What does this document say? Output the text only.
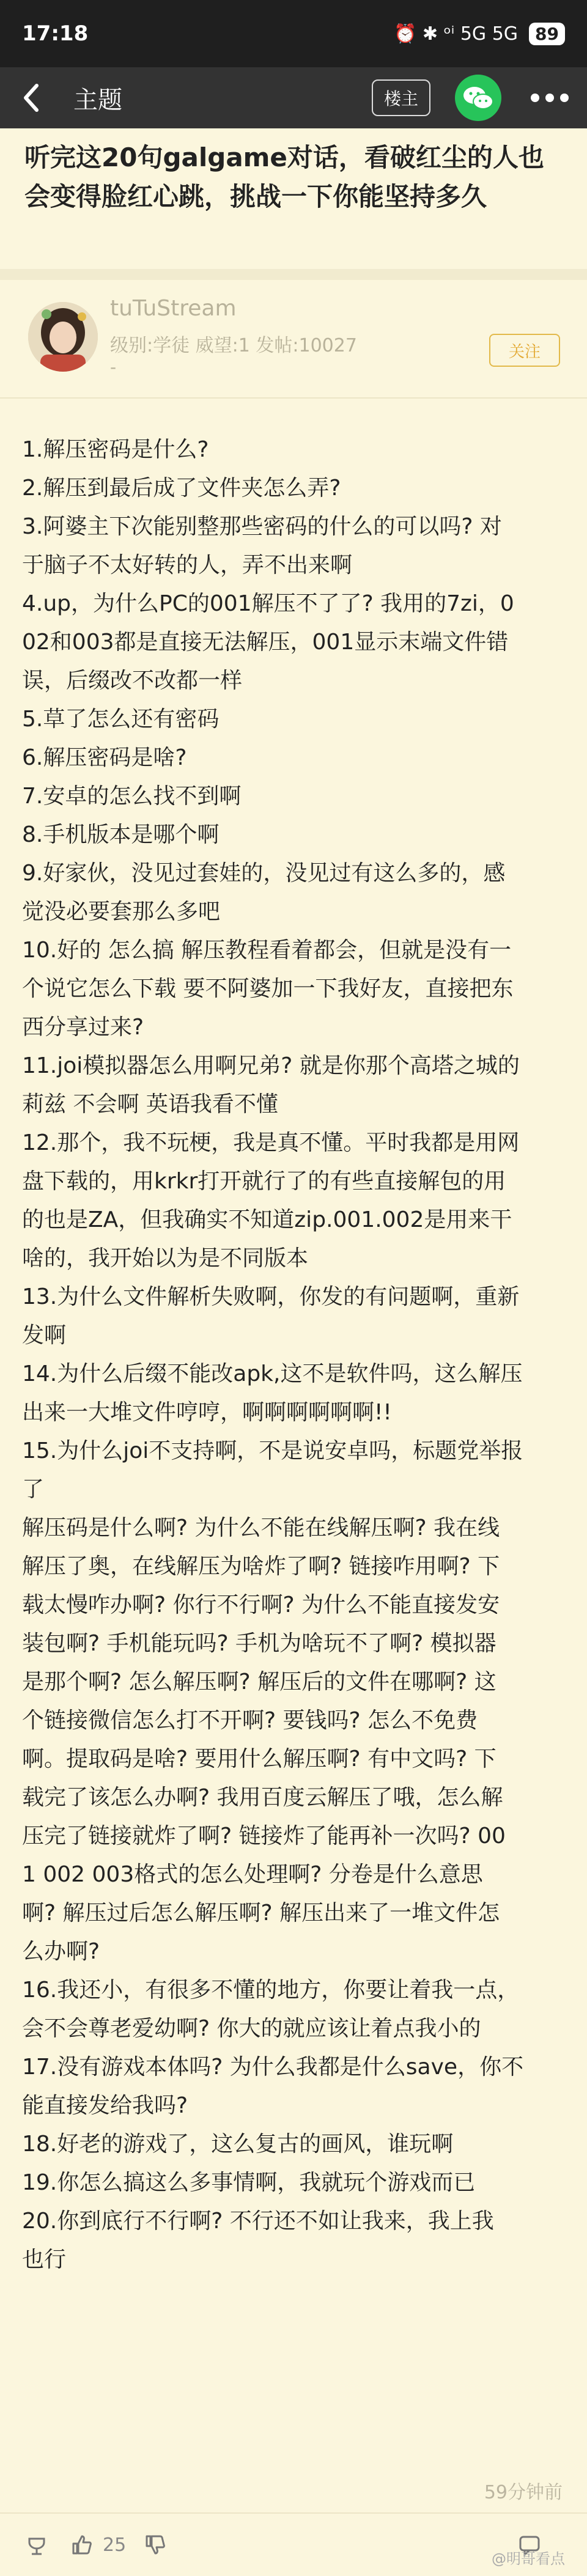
17:18	⏰ ✱ ᵒⁱ 5G 5G	89
主题	楼主
听完这20句galgame对话，看破红尘的人也会变得脸红心跳，挑战一下你能坚持多久
tuTuStream
级别:学徒 威望:1 发帖:10027
-
关注

1.解压密码是什么?

2.解压到最后成了文件夹怎么弄?

3.阿婆主下次能别整那些密码的什么的可以吗? 对

于脑子不太好转的人，弄不出来啊

4.up，为什么PC的001解压不了了? 我用的7zi，0

02和003都是直接无法解压，001显示末端文件错

误，后缀改不改都一样

5.草了怎么还有密码

6.解压密码是啥?

7.安卓的怎么找不到啊

8.手机版本是哪个啊

9.好家伙，没见过套娃的，没见过有这么多的，感

觉没必要套那么多吧

10.好的 怎么搞 解压教程看着都会，但就是没有一

个说它怎么下载 要不阿婆加一下我好友，直接把东

西分享过来?

11.joi模拟器怎么用啊兄弟? 就是你那个高塔之城的

莉兹 不会啊 英语我看不懂

12.那个，我不玩梗，我是真不懂。平时我都是用网

盘下载的，用krkr打开就行了的有些直接解包的用

的也是ZA，但我确实不知道zip.001.002是用来干

啥的，我开始以为是不同版本

13.为什么文件解析失败啊，你发的有问题啊，重新

发啊

14.为什么后缀不能改apk,这不是软件吗，这么解压

出来一大堆文件哼哼，啊啊啊啊啊啊!!

15.为什么joi不支持啊，不是说安卓吗，标题党举报

了

解压码是什么啊? 为什么不能在线解压啊? 我在线

解压了奥，在线解压为啥炸了啊? 链接咋用啊? 下

载太慢咋办啊? 你行不行啊? 为什么不能直接发安

装包啊? 手机能玩吗? 手机为啥玩不了啊? 模拟器

是那个啊? 怎么解压啊? 解压后的文件在哪啊? 这

个链接微信怎么打不开啊? 要钱吗? 怎么不免费

啊。提取码是啥? 要用什么解压啊? 有中文吗? 下

载完了该怎么办啊? 我用百度云解压了哦，怎么解

压完了链接就炸了啊? 链接炸了能再补一次吗? 00

1 002 003格式的怎么处理啊? 分卷是什么意思

啊? 解压过后怎么解压啊? 解压出来了一堆文件怎

么办啊?

16.我还小，有很多不懂的地方，你要让着我一点，

会不会尊老爱幼啊? 你大的就应该让着点我小的

17.没有游戏本体吗? 为什么我都是什么save，你不

能直接发给我吗?

18.好老的游戏了，这么复古的画风，谁玩啊

19.你怎么搞这么多事情啊，我就玩个游戏而已

20.你到底行不行啊? 不行还不如让我来，我上我

也行

59分钟前
25
@明哥看点
